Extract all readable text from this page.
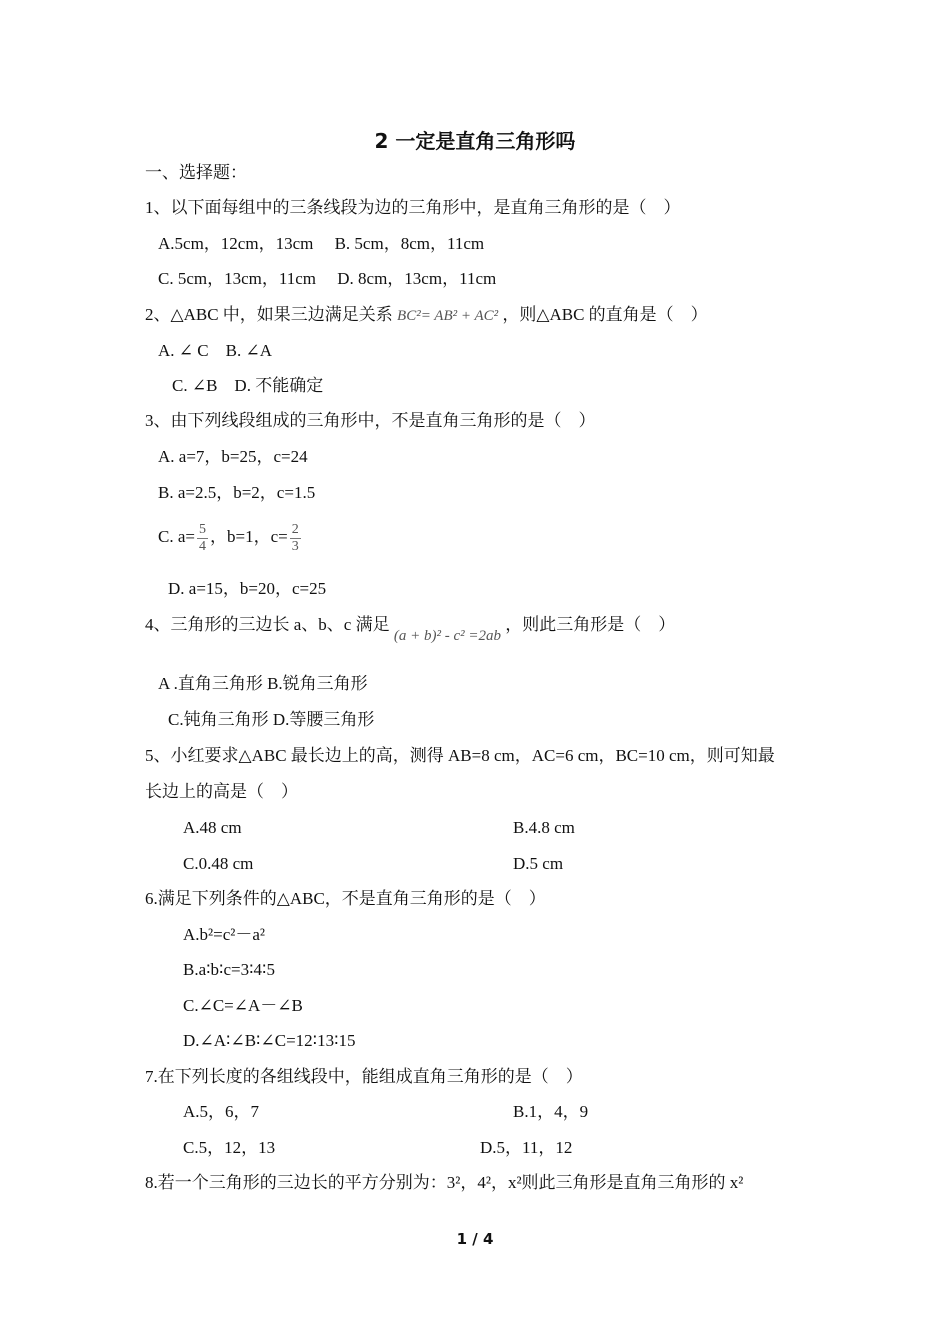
2 一定是直角三角形吗
一、选择题：
1、以下面每组中的三条线段为边的三角形中，是直角三角形的是（　）
A.5cm，12cm，13cm　 B. 5cm，8cm，11cm
C. 5cm，13cm，11cm　 D. 8cm，13cm，11cm
2、△ABC 中，如果三边满足关系 BC²= AB² + AC² ，则△ABC 的直角是（　）
A. ∠ C　B. ∠A
C. ∠B　D. 不能确定
3、由下列线段组成的三角形中，不是直角三角形的是（　）
A. a=7，b=25，c=24
B. a=2.5，b=2，c=1.5
C. $a= \frac{5}{4}$ ，b=1，$c= \frac{2}{3}$
D. a=15，b=20，c=25
4、三角形的三边长 a、b、c 满足 (a + b)² - c² =2ab ，则此三角形是（　）
A .直角三角形 B.锐角三角形
C.钝角三角形 D.等腰三角形
5、小红要求△ABC 最长边上的高，测得 AB=8 cm，AC=6 cm，BC=10 cm，则可知最
长边上的高是（　）
A.48 cm	B.4.8 cm
C.0.48 cm	D.5 cm
6.满足下列条件的△ABC，不是直角三角形的是（　）
A.b²=c²－a²
B.a∶b∶c=3∶4∶5
C.∠C=∠A－∠B
D.∠A∶∠B∶∠C=12∶13∶15
7.在下列长度的各组线段中，能组成直角三角形的是（　）
A.5，6，7	B.1，4，9
C.5，12，13	D.5，11，12
8.若一个三角形的三边长的平方分别为：3²，4²，x²则此三角形是直角三角形的 x²
1 / 4
